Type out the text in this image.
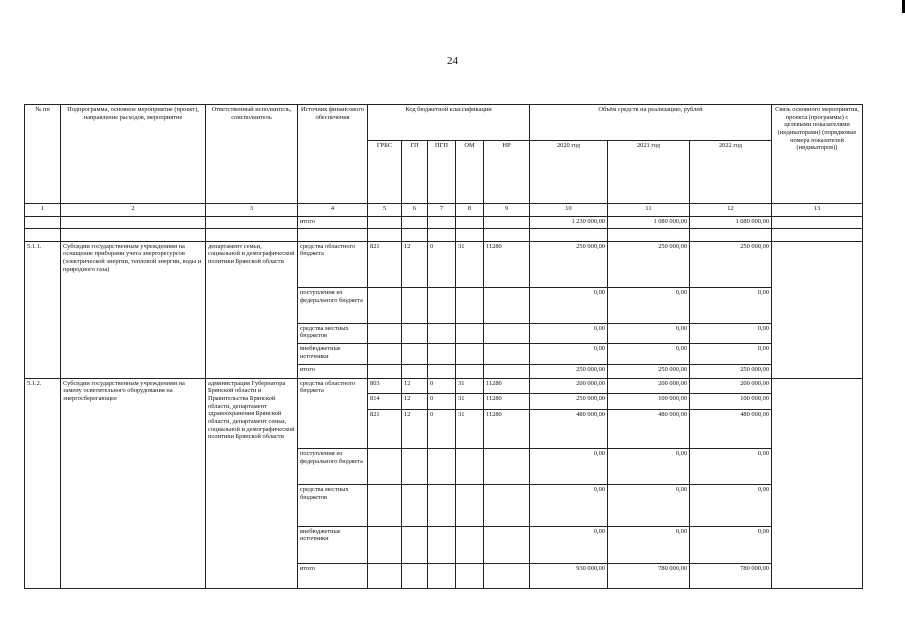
24
№ пп	Подпрограмма, основное мероприятие (проект), направление расходов, мероприятие	Ответственный исполнитель, соисполнитель	Источник финансового обеспечения	Код бюджетной классификации					Объём средств на реализацию, рублей			Связь основного мероприятия, проекта (программы) с целевыми показателями (индикаторами) (порядковые номера показателей (индикаторов))
				ГРБС	ГП	ПГП	ОМ	НР	2020 год	2021 год	2022 год	
1	2	3	4	5	6	7	8	9	10	11	12	13
			итого						1 230 000,00	1 080 000,00	1 080 000,00	

5.1.1.	Субсидии государственным учреждениям на оснащение приборами учета энергоресурсов (электрической энергии, тепловой энергии, воды и природного газа)	департамент семьи, социальной и демографической политики Брянской области	средства областного бюджета	821	12	0	31	11280	250 000,00	250 000,00	250 000,00	
			поступления из федерального бюджета						0,00	0,00	0,00	
			средства местных бюджетов						0,00	0,00	0,00	
			внебюджетные источники						0,00	0,00	0,00	
			итого						250 000,00	250 000,00	250 000,00	
5.1.2.	Субсидии государственным учреждениям на замену осветительного оборудования на энергосберегающее	администрация Губернатора Брянской области и Правительства Брянской области, департамент здравоохранения Брянской области, департамент семьи, социальной и демографической политики Брянской области	средства областного бюджета	803	12	0	31	11280	200 000,00	200 000,00	200 000,00	
				814	12	0	31	11280	250 000,00	100 000,00	100 000,00	
				821	12	0	31	11280	480 000,00	480 000,00	480 000,00	
			поступления из федерального бюджета						0,00	0,00	0,00	
			средства местных бюджетов						0,00	0,00	0,00	
			внебюджетные источники						0,00	0,00	0,00	
			итого						930 000,00	780 000,00	780 000,00	
